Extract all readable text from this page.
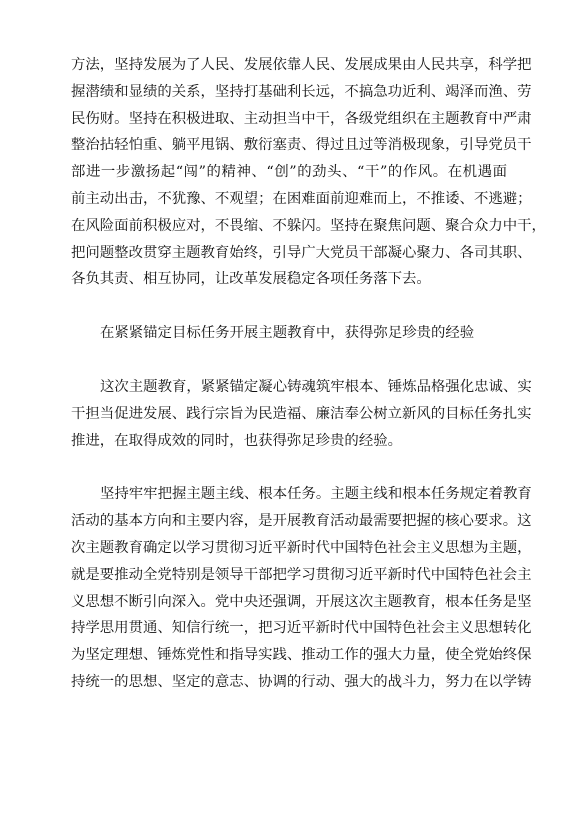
方法，坚持发展为了人民、发展依靠人民、发展成果由人民共享，科学把
握潜绩和显绩的关系，坚持打基础利长远，不搞急功近利、竭泽而渔、劳
民伤财。坚持在积极进取、主动担当中干，各级党组织在主题教育中严肃
整治拈轻怕重、躺平甩锅、敷衍塞责、得过且过等消极现象，引导党员干
部进一步激扬起“闯”的精神、“创”的劲头、“干”的作风。在机遇面
前主动出击，不犹豫、不观望；在困难面前迎难而上，不推诿、不逃避；
在风险面前积极应对，不畏缩、不躲闪。坚持在聚焦问题、聚合众力中干，
把问题整改贯穿主题教育始终，引导广大党员干部凝心聚力、各司其职、
各负其责、相互协同，让改革发展稳定各项任务落下去。
在紧紧锚定目标任务开展主题教育中，获得弥足珍贵的经验
这次主题教育，紧紧锚定凝心铸魂筑牢根本、锤炼品格强化忠诚、实
干担当促进发展、践行宗旨为民造福、廉洁奉公树立新风的目标任务扎实
推进，在取得成效的同时，也获得弥足珍贵的经验。
坚持牢牢把握主题主线、根本任务。主题主线和根本任务规定着教育
活动的基本方向和主要内容，是开展教育活动最需要把握的核心要求。这
次主题教育确定以学习贯彻习近平新时代中国特色社会主义思想为主题，
就是要推动全党特别是领导干部把学习贯彻习近平新时代中国特色社会主
义思想不断引向深入。党中央还强调，开展这次主题教育，根本任务是坚
持学思用贯通、知信行统一，把习近平新时代中国特色社会主义思想转化
为坚定理想、锤炼党性和指导实践、推动工作的强大力量，使全党始终保
持统一的思想、坚定的意志、协调的行动、强大的战斗力，努力在以学铸
